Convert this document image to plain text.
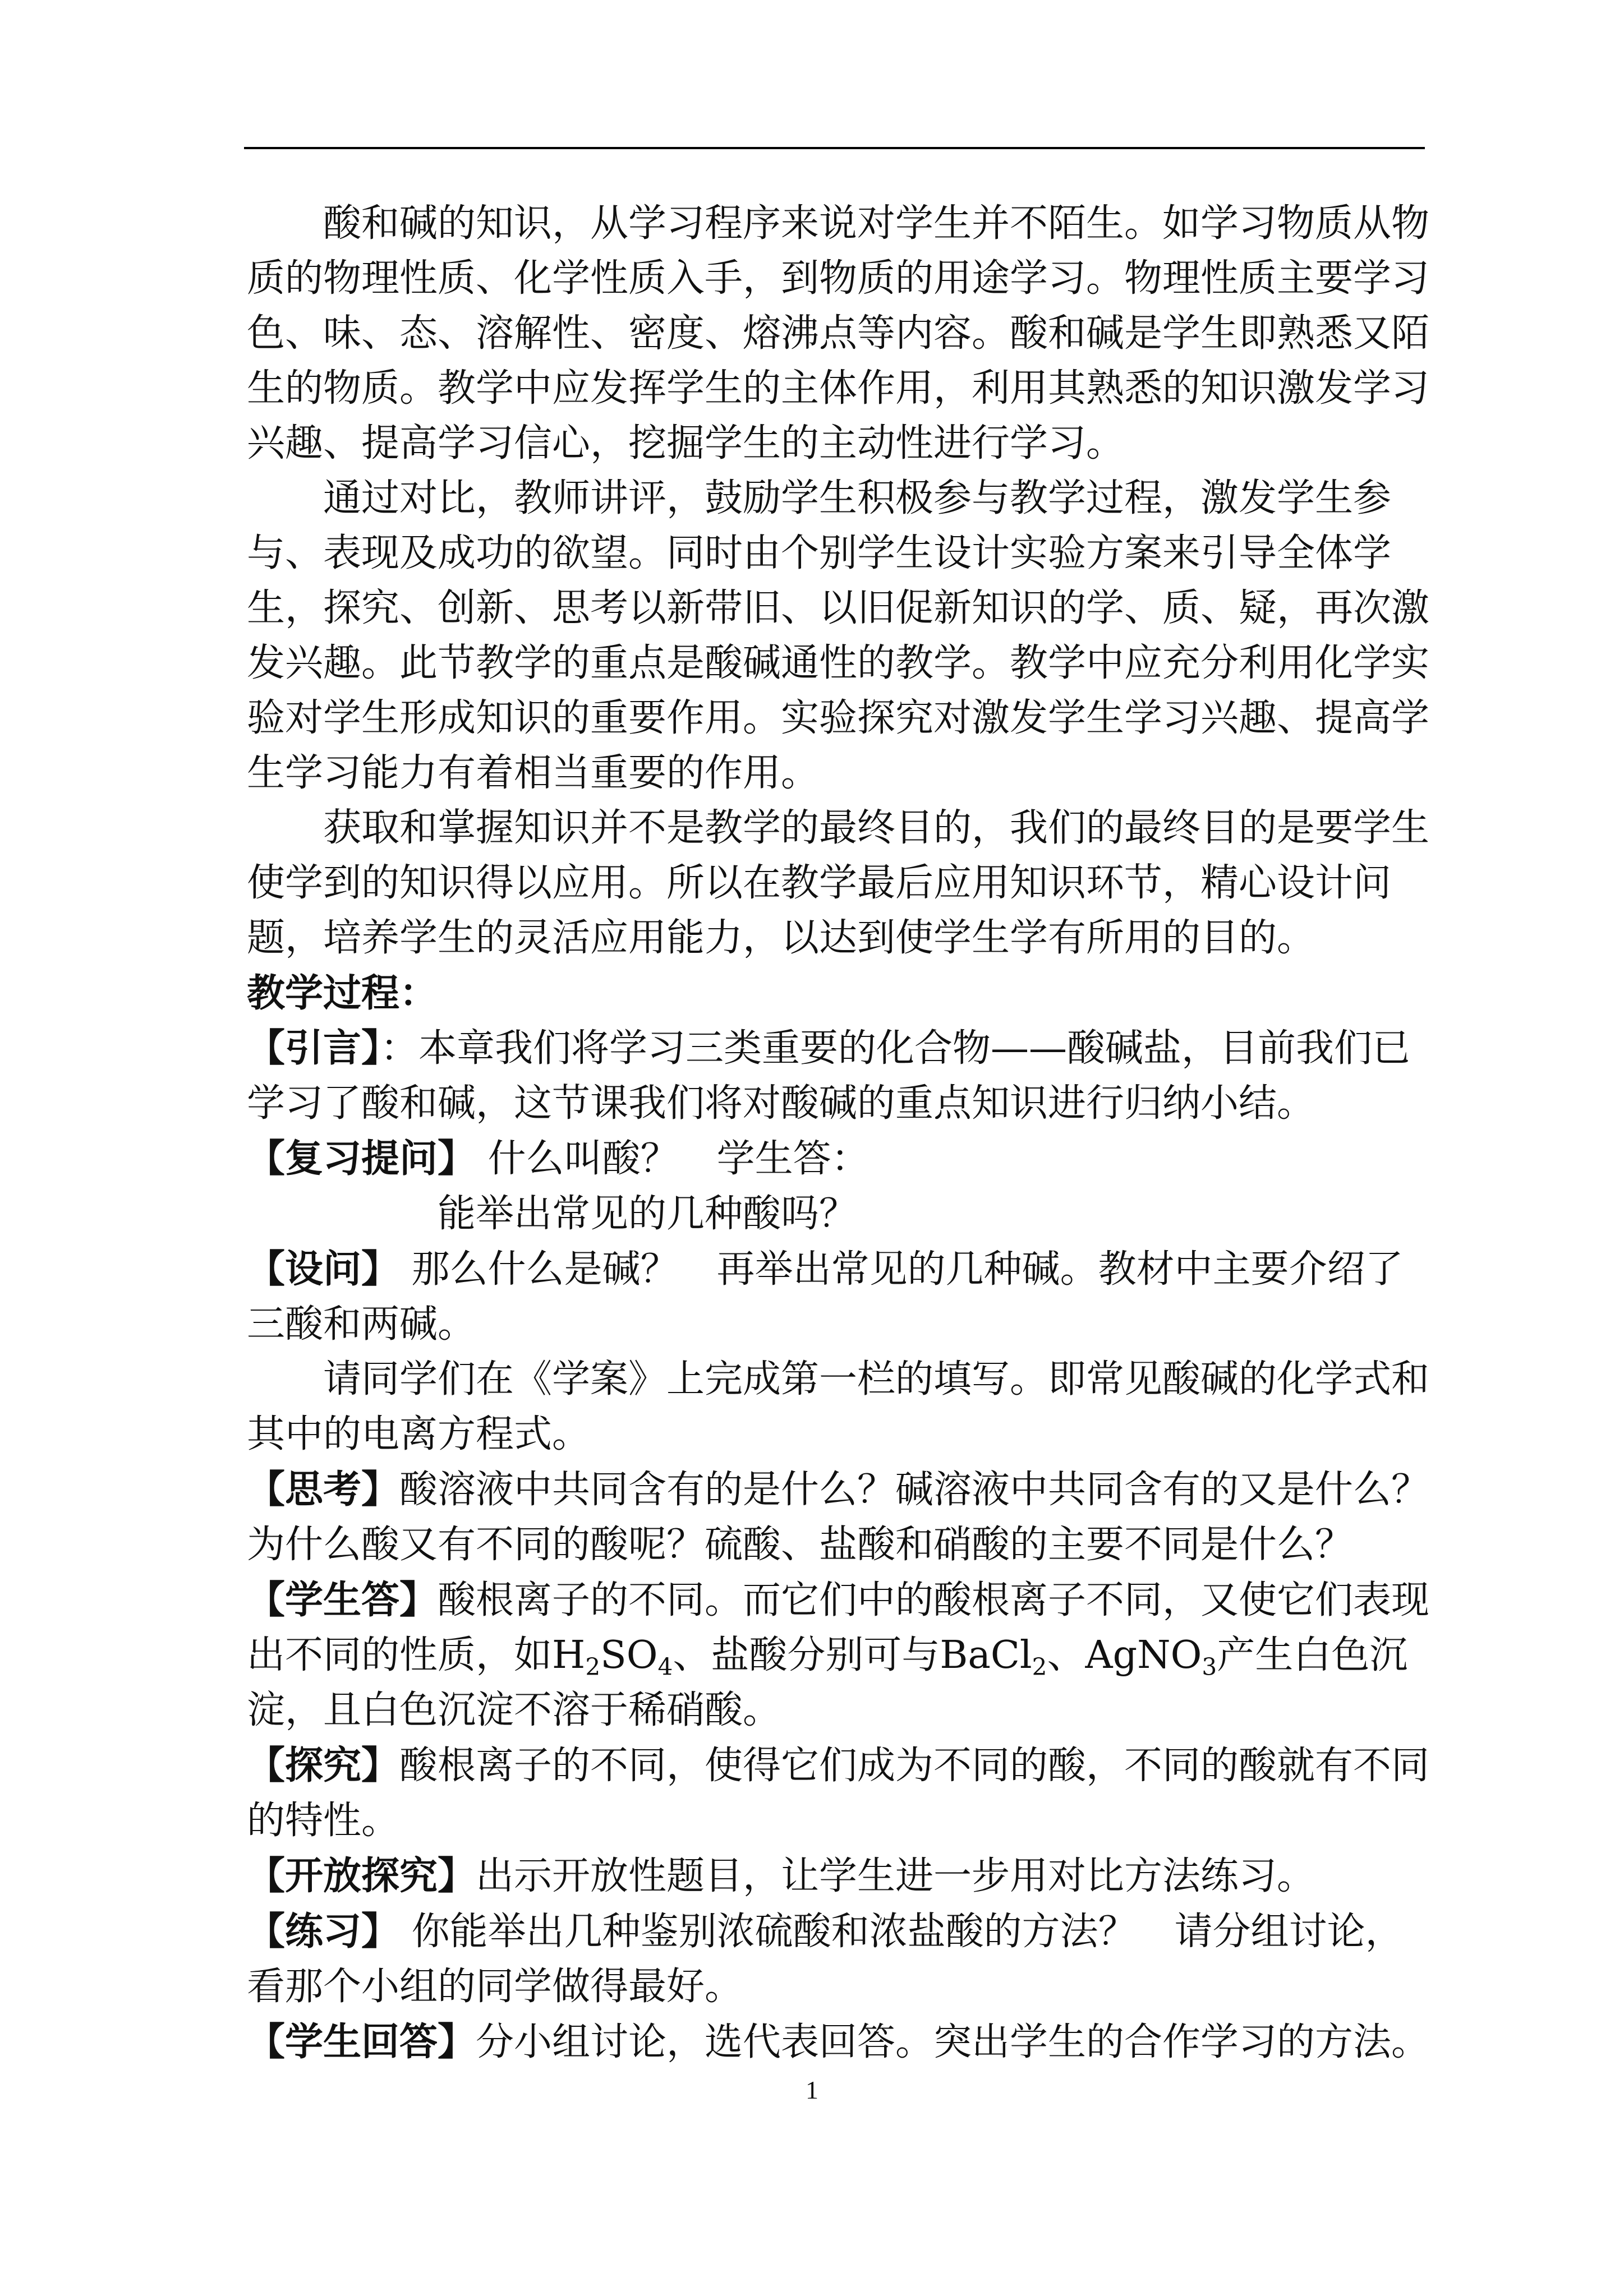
酸和碱的知识，从学习程序来说对学生并不陌生。如学习物质从物质的物理性质、化学性质入手，到物质的用途学习。物理性质主要学习色、味、态、溶解性、密度、熔沸点等内容。酸和碱是学生即熟悉又陌生的物质。教学中应发挥学生的主体作用，利用其熟悉的知识激发学习兴趣、提高学习信心，挖掘学生的主动性进行学习。

通过对比，教师讲评，鼓励学生积极参与教学过程，激发学生参与、表现及成功的欲望。同时由个别学生设计实验方案来引导全体学生，探究、创新、思考以新带旧、以旧促新知识的学、质、疑，再次激发兴趣。此节教学的重点是酸碱通性的教学。教学中应充分利用化学实验对学生形成知识的重要作用。实验探究对激发学生学习兴趣、提高学生学习能力有着相当重要的作用。

获取和掌握知识并不是教学的最终目的，我们的最终目的是要学生使学到的知识得以应用。所以在教学最后应用知识环节，精心设计问题，培养学生的灵活应用能力，以达到使学生学有所用的目的。

教学过程：

【引言】：本章我们将学习三类重要的化合物——酸碱盐，目前我们已学习了酸和碱，这节课我们将对酸碱的重点知识进行归纳小结。

【复习提问】 什么叫酸？　学生答：

能举出常见的几种酸吗？

【设问】 那么什么是碱？　再举出常见的几种碱。教材中主要介绍了三酸和两碱。

请同学们在《学案》上完成第一栏的填写。即常见酸碱的化学式和其中的电离方程式。

【思考】酸溶液中共同含有的是什么？碱溶液中共同含有的又是什么？为什么酸又有不同的酸呢？硫酸、盐酸和硝酸的主要不同是什么？

【学生答】酸根离子的不同。而它们中的酸根离子不同，又使它们表现出不同的性质，如$H_2SO_4$、盐酸分别可与BaCl$_2$、AgNO$_3$产生白色沉淀，且白色沉淀不溶于稀硝酸。

【探究】酸根离子的不同，使得它们成为不同的酸，不同的酸就有不同的特性。

【开放探究】出示开放性题目，让学生进一步用对比方法练习。

【练习】 你能举出几种鉴别浓硫酸和浓盐酸的方法？　请分组讨论，看那个小组的同学做得最好。

【学生回答】分小组讨论，选代表回答。突出学生的合作学习的方法。

1
